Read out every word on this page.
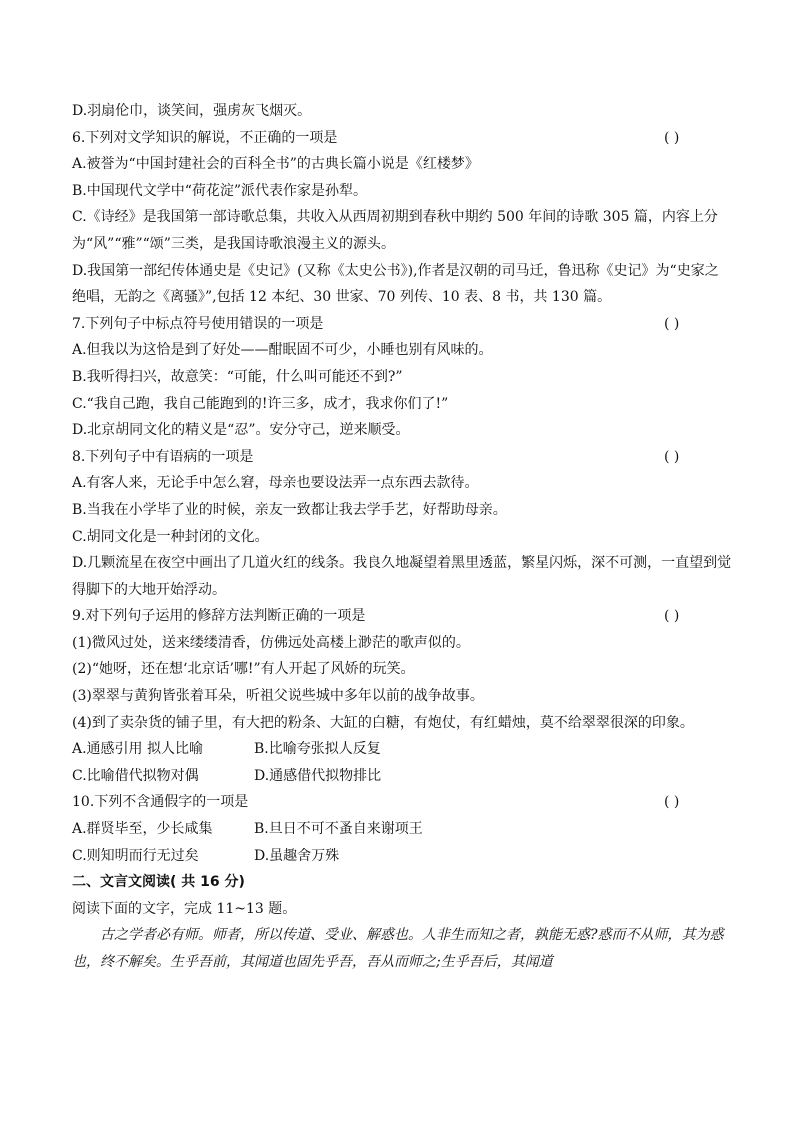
D.羽扇伦巾，谈笑间，强虏灰飞烟灭。
6.下列对文学知识的解说，不正确的一项是	( )
A.被誉为“中国封建社会的百科全书”的古典长篇小说是《红楼梦》
B.中国现代文学中“荷花淀”派代表作家是孙犁。
C.《诗经》是我国第一部诗歌总集，共收入从西周初期到春秋中期约 500 年间的诗歌 305 篇，内容上分为“风”“雅”“颂”三类，是我国诗歌浪漫主义的源头。
D.我国第一部纪传体通史是《史记》(又称《太史公书》),作者是汉朝的司马迁，鲁迅称《史记》为“史家之绝唱，无韵之《离骚》”,包括 12 本纪、30 世家、70 列传、10 表、8 书，共 130 篇。
7.下列句子中标点符号使用错误的一项是	( )
A.但我以为这恰是到了好处——酣眠固不可少，小睡也别有风味的。
B.我听得扫兴，故意笑：“可能，什么叫可能还不到?”
C.“我自己跑，我自己能跑到的!许三多，成才，我求你们了!”
D.北京胡同文化的精义是“忍”。安分守己，逆来顺受。
8.下列句子中有语病的一项是	( )
A.有客人来，无论手中怎么窘，母亲也要设法弄一点东西去款待。
B.当我在小学毕了业的时候，亲友一致都让我去学手艺，好帮助母亲。
C.胡同文化是一种封闭的文化。
D.几颗流星在夜空中画出了几道火红的线条。我良久地凝望着黑里透蓝，繁星闪烁，深不可测，一直望到觉得脚下的大地开始浮动。
9.对下列句子运用的修辞方法判断正确的一项是	( )
(1)微风过处，送来缕缕清香，仿佛远处高楼上渺茫的歌声似的。
(2)“她呀，还在想‘北京话’哪!”有人开起了风娇的玩笑。
(3)翠翠与黄狗皆张着耳朵，听祖父说些城中多年以前的战争故事。
(4)到了卖杂货的铺子里，有大把的粉条、大缸的白糖，有炮仗，有红蜡烛，莫不给翠翠很深的印象。
A.通感引用 拟人比喻	B.比喻夸张拟人反复
C.比喻借代拟物对偶	D.通感借代拟物排比
10.下列不含通假字的一项是	( )
A.群贤毕至，少长咸集	B.旦日不可不蚤自来谢项王
C.则知明而行无过矣	D.虽趣舍万殊
二、文言文阅读( 共 16 分)
阅读下面的文字，完成 11~13 题。
古之学者必有师。师者，所以传道、受业、解惑也。人非生而知之者，孰能无惑?惑而不从师，其为惑也，终不解矣。生乎吾前，其闻道也固先乎吾，吾从而师之;生乎吾后，其闻道
